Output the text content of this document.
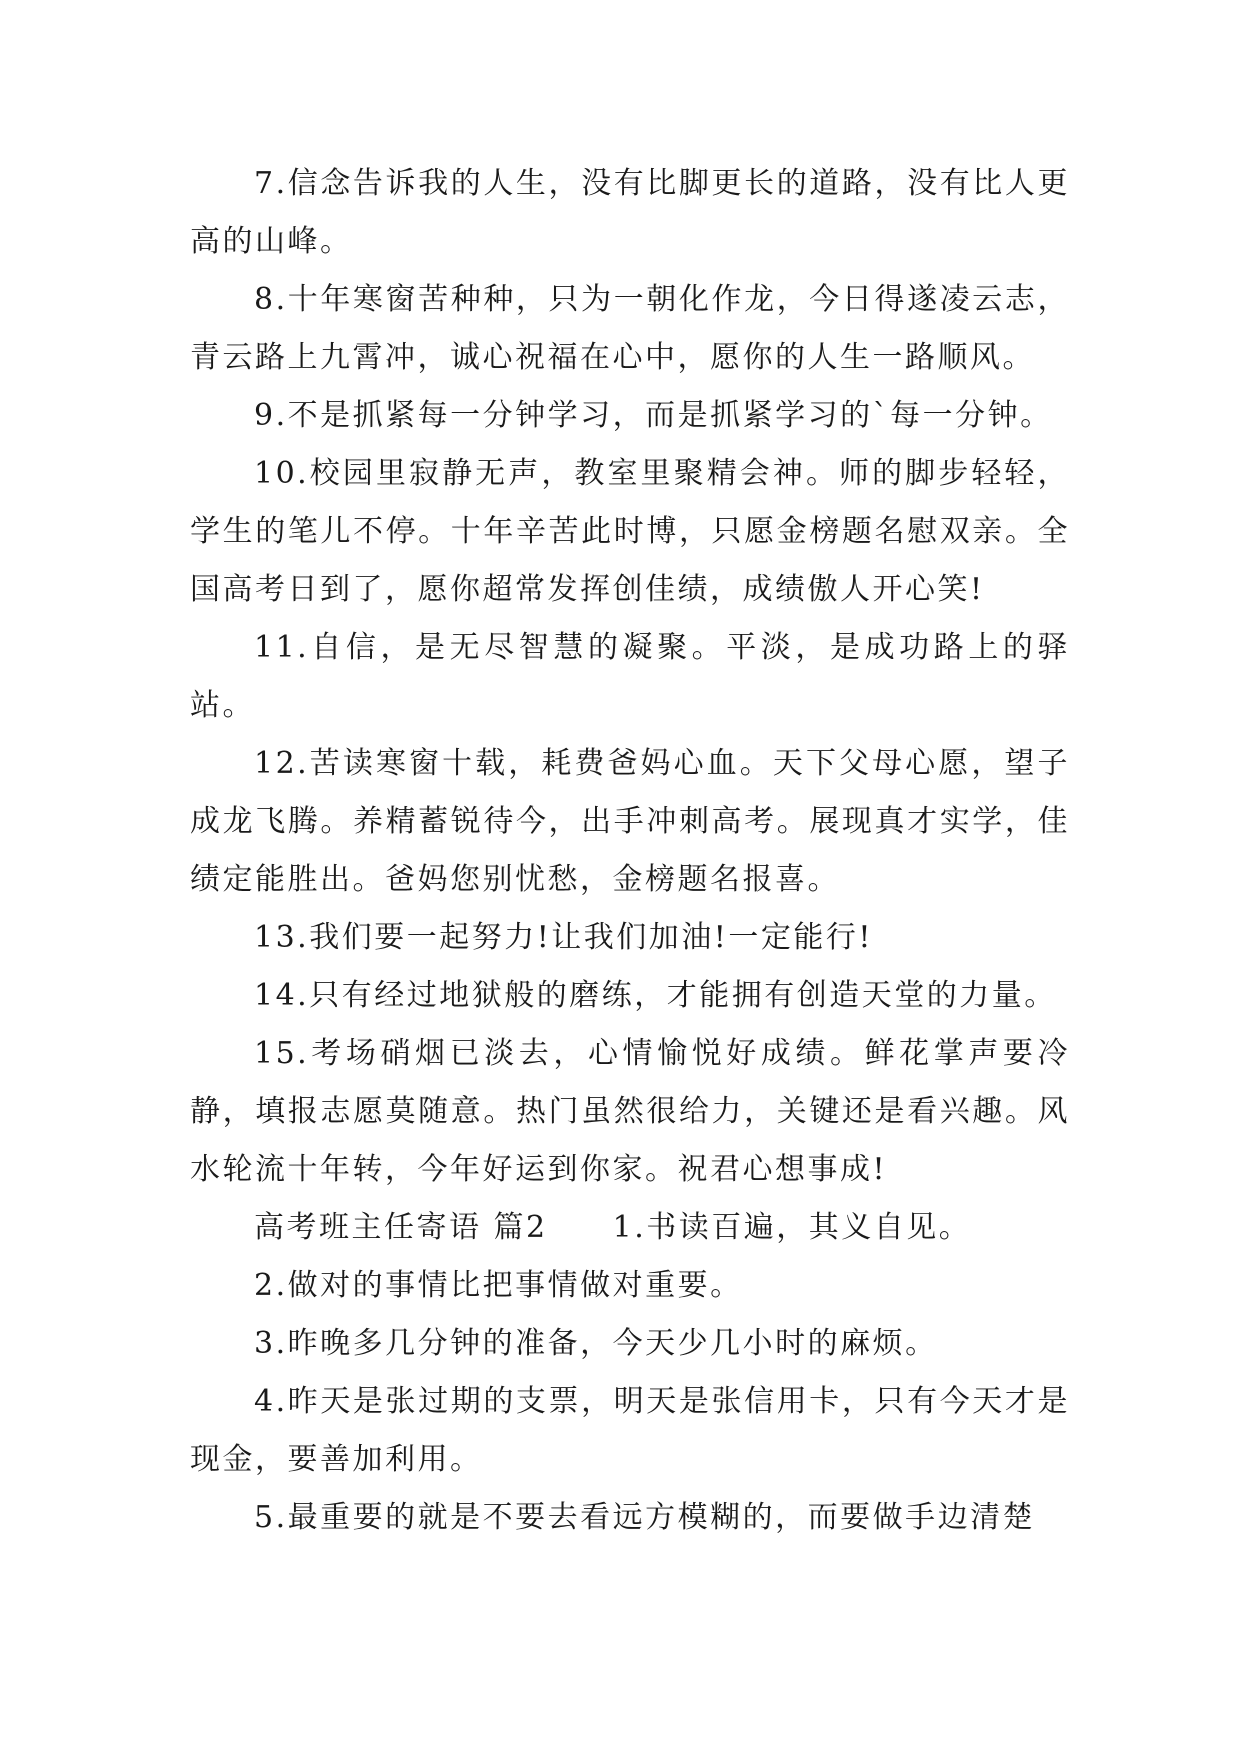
7.信念告诉我的人生，没有比脚更长的道路，没有比人更高的山峰。

8.十年寒窗苦种种，只为一朝化作龙，今日得遂凌云志，青云路上九霄冲，诚心祝福在心中，愿你的人生一路顺风。

9.不是抓紧每一分钟学习，而是抓紧学习的`每一分钟。

10.校园里寂静无声，教室里聚精会神。师的脚步轻轻，学生的笔儿不停。十年辛苦此时博，只愿金榜题名慰双亲。全国高考日到了，愿你超常发挥创佳绩，成绩傲人开心笑!

11.自信，是无尽智慧的凝聚。平淡，是成功路上的驿站。

12.苦读寒窗十载，耗费爸妈心血。天下父母心愿，望子成龙飞腾。养精蓄锐待今，出手冲刺高考。展现真才实学，佳绩定能胜出。爸妈您别忧愁，金榜题名报喜。

13.我们要一起努力!让我们加油!一定能行!

14.只有经过地狱般的磨练，才能拥有创造天堂的力量。

15.考场硝烟已淡去，心情愉悦好成绩。鲜花掌声要冷静，填报志愿莫随意。热门虽然很给力，关键还是看兴趣。风水轮流十年转，今年好运到你家。祝君心想事成!

高考班主任寄语 篇2　　1.书读百遍，其义自见。

2.做对的事情比把事情做对重要。

3.昨晚多几分钟的准备，今天少几小时的麻烦。

4.昨天是张过期的支票，明天是张信用卡，只有今天才是现金，要善加利用。

5.最重要的就是不要去看远方模糊的，而要做手边清楚
